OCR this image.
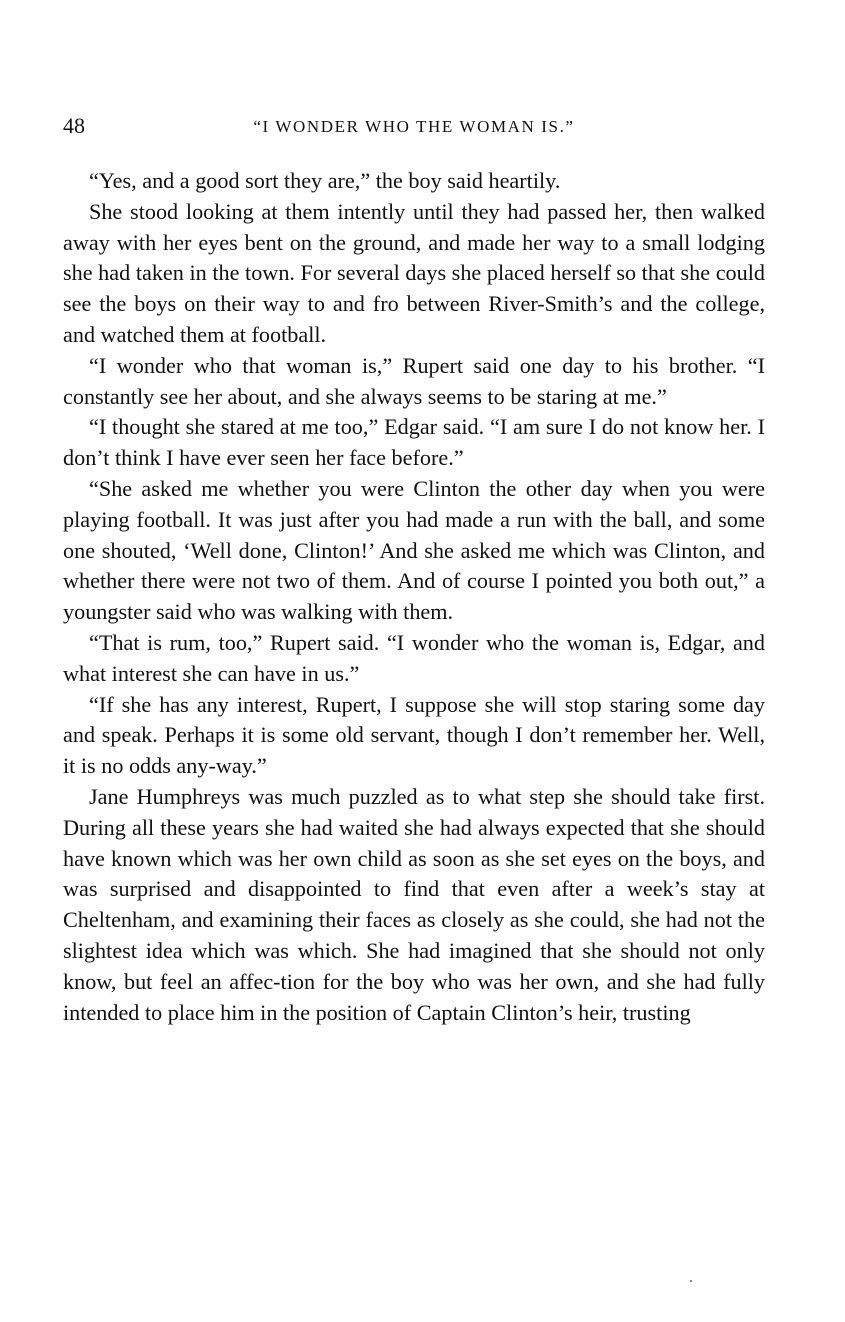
48	“I WONDER WHO THE WOMAN IS.”

“Yes, and a good sort they are,” the boy said heartily.

She stood looking at them intently until they had passed her, then walked away with her eyes bent on the ground, and made her way to a small lodging she had taken in the town. For several days she placed herself so that she could see the boys on their way to and fro between River-Smith’s and the college, and watched them at football.

“I wonder who that woman is,” Rupert said one day to his brother. “I constantly see her about, and she always seems to be staring at me.”

“I thought she stared at me too,” Edgar said. “I am sure I do not know her. I don’t think I have ever seen her face before.”

“She asked me whether you were Clinton the other day when you were playing football. It was just after you had made a run with the ball, and some one shouted, ‘Well done, Clinton!’ And she asked me which was Clinton, and whether there were not two of them. And of course I pointed you both out,” a youngster said who was walking with them.

“That is rum, too,” Rupert said. “I wonder who the woman is, Edgar, and what interest she can have in us.”

“If she has any interest, Rupert, I suppose she will stop staring some day and speak. Perhaps it is some old servant, though I don’t remember her. Well, it is no odds any-way.”

Jane Humphreys was much puzzled as to what step she should take first. During all these years she had waited she had always expected that she should have known which was her own child as soon as she set eyes on the boys, and was surprised and disappointed to find that even after a week’s stay at Cheltenham, and examining their faces as closely as she could, she had not the slightest idea which was which. She had imagined that she should not only know, but feel an affec-tion for the boy who was her own, and she had fully intended to place him in the position of Captain Clinton’s heir, trusting
